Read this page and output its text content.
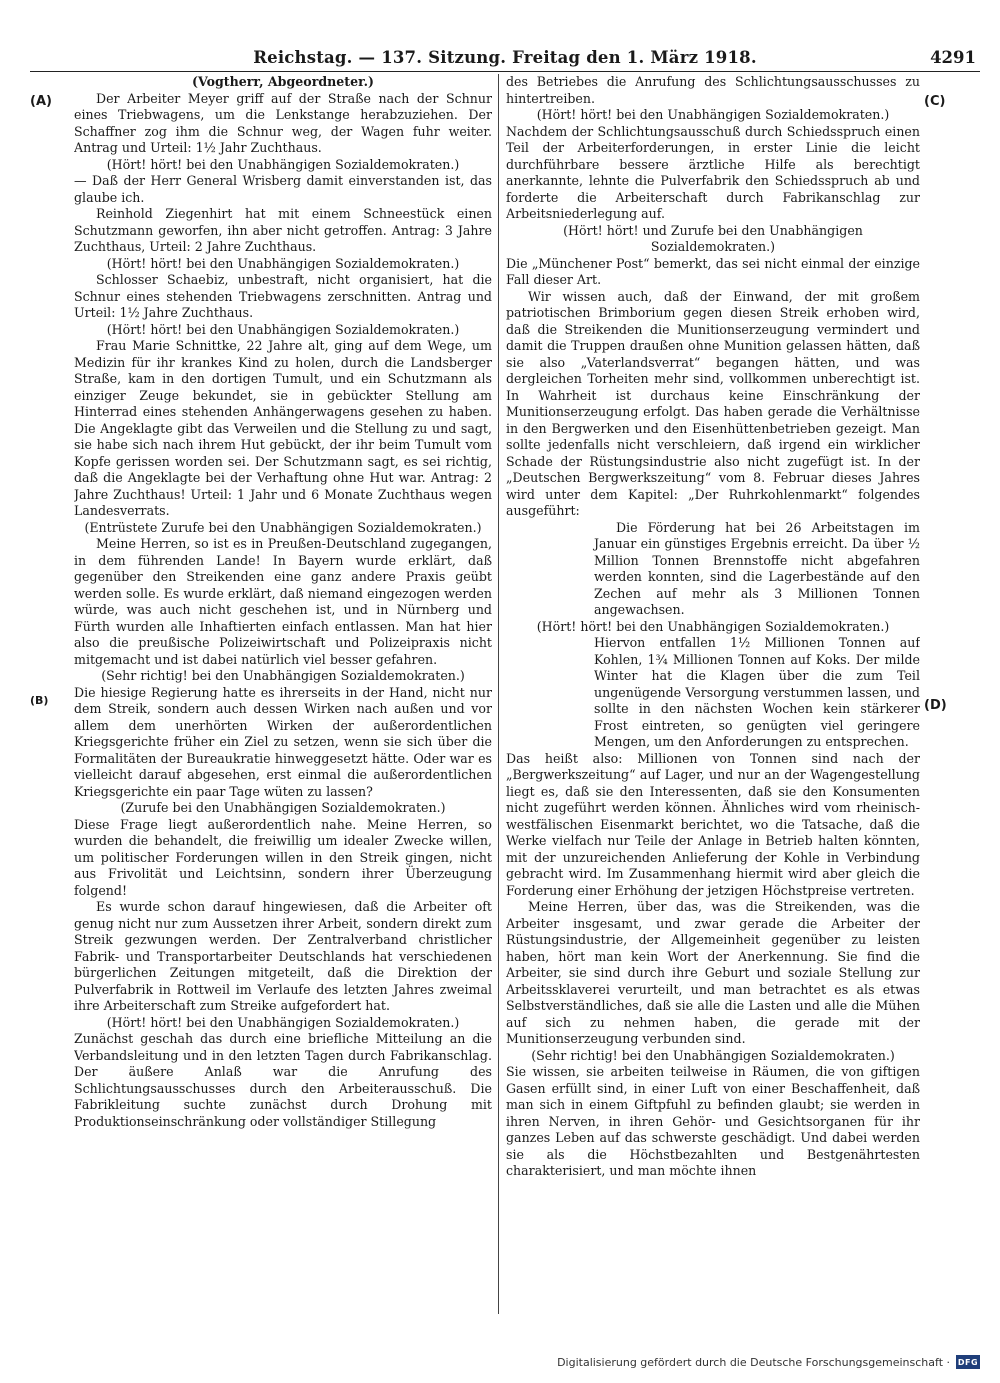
Reichstag. — 137. Sitzung. Freitag den 1. März 1918.	4291
(A)
(B)
(C)
(D)

(Vogtherr, Abgeordneter.)

Der Arbeiter Meyer griff auf der Straße nach der Schnur eines Triebwagens, um die Lenkstange herabzuziehen. Der Schaffner zog ihm die Schnur weg, der Wagen fuhr weiter. Antrag und Urteil: 1½ Jahr Zuchthaus.

(Hört! hört! bei den Unabhängigen Sozialdemokraten.)

— Daß der Herr General Wrisberg damit einverstanden ist, das glaube ich.

Reinhold Ziegenhirt hat mit einem Schneestück einen Schutzmann geworfen, ihn aber nicht getroffen. Antrag: 3 Jahre Zuchthaus, Urteil: 2 Jahre Zuchthaus.

(Hört! hört! bei den Unabhängigen Sozialdemokraten.)

Schlosser Schaebiz, unbestraft, nicht organisiert, hat die Schnur eines stehenden Triebwagens zerschnitten. Antrag und Urteil: 1½ Jahre Zuchthaus.

(Hört! hört! bei den Unabhängigen Sozialdemokraten.)

Frau Marie Schnittke, 22 Jahre alt, ging auf dem Wege, um Medizin für ihr krankes Kind zu holen, durch die Landsberger Straße, kam in den dortigen Tumult, und ein Schutzmann als einziger Zeuge bekundet, sie in gebückter Stellung am Hinterrad eines stehenden Anhängerwagens gesehen zu haben. Die Angeklagte gibt das Verweilen und die Stellung zu und sagt, sie habe sich nach ihrem Hut gebückt, der ihr beim Tumult vom Kopfe gerissen worden sei. Der Schutzmann sagt, es sei richtig, daß die Angeklagte bei der Verhaftung ohne Hut war. Antrag: 2 Jahre Zuchthaus! Urteil: 1 Jahr und 6 Monate Zuchthaus wegen Landesverrats.

(Entrüstete Zurufe bei den Unabhängigen Sozialdemokraten.)

Meine Herren, so ist es in Preußen-Deutschland zugegangen, in dem führenden Lande! In Bayern wurde erklärt, daß gegenüber den Streikenden eine ganz andere Praxis geübt werden solle. Es wurde erklärt, daß niemand eingezogen werden würde, was auch nicht geschehen ist, und in Nürnberg und Fürth wurden alle Inhaftierten einfach entlassen. Man hat hier also die preußische Polizeiwirtschaft und Polizeipraxis nicht mitgemacht und ist dabei natürlich viel besser gefahren.

(Sehr richtig! bei den Unabhängigen Sozialdemokraten.)

Die hiesige Regierung hatte es ihrerseits in der Hand, nicht nur dem Streik, sondern auch dessen Wirken nach außen und vor allem dem unerhörten Wirken der außerordentlichen Kriegsgerichte früher ein Ziel zu setzen, wenn sie sich über die Formalitäten der Bureaukratie hinweggesetzt hätte. Oder war es vielleicht darauf abgesehen, erst einmal die außerordentlichen Kriegsgerichte ein paar Tage wüten zu lassen?

(Zurufe bei den Unabhängigen Sozialdemokraten.)

Diese Frage liegt außerordentlich nahe. Meine Herren, so wurden die behandelt, die freiwillig um idealer Zwecke willen, um politischer Forderungen willen in den Streik gingen, nicht aus Frivolität und Leichtsinn, sondern ihrer Überzeugung folgend!

Es wurde schon darauf hingewiesen, daß die Arbeiter oft genug nicht nur zum Aussetzen ihrer Arbeit, sondern direkt zum Streik gezwungen werden. Der Zentralverband christlicher Fabrik- und Transportarbeiter Deutschlands hat verschiedenen bürgerlichen Zeitungen mitgeteilt, daß die Direktion der Pulverfabrik in Rottweil im Verlaufe des letzten Jahres zweimal ihre Arbeiterschaft zum Streike aufgefordert hat.

(Hört! hört! bei den Unabhängigen Sozialdemokraten.)

Zunächst geschah das durch eine briefliche Mitteilung an die Verbandsleitung und in den letzten Tagen durch Fabrikanschlag. Der äußere Anlaß war die Anrufung des Schlichtungsausschusses durch den Arbeiterausschuß. Die Fabrikleitung suchte zunächst durch Drohung mit Produktionseinschränkung oder vollständiger Stillegung

des Betriebes die Anrufung des Schlichtungsausschusses zu hintertreiben.

(Hört! hört! bei den Unabhängigen Sozialdemokraten.)

Nachdem der Schlichtungsausschuß durch Schiedsspruch einen Teil der Arbeiterforderungen, in erster Linie die leicht durchführbare bessere ärztliche Hilfe als berechtigt anerkannte, lehnte die Pulverfabrik den Schiedsspruch ab und forderte die Arbeiterschaft durch Fabrikanschlag zur Arbeitsniederlegung auf.

(Hört! hört! und Zurufe bei den Unabhängigen Sozialdemokraten.)

Die „Münchener Post“ bemerkt, das sei nicht einmal der einzige Fall dieser Art.

Wir wissen auch, daß der Einwand, der mit großem patriotischen Brimborium gegen diesen Streik erhoben wird, daß die Streikenden die Munitionserzeugung vermindert und damit die Truppen draußen ohne Munition gelassen hätten, daß sie also „Vaterlandsverrat“ begangen hätten, und was dergleichen Torheiten mehr sind, vollkommen unberechtigt ist. In Wahrheit ist durchaus keine Einschränkung der Munitionserzeugung erfolgt. Das haben gerade die Verhältnisse in den Bergwerken und den Eisenhüttenbetrieben gezeigt. Man sollte jedenfalls nicht verschleiern, daß irgend ein wirklicher Schade der Rüstungsindustrie also nicht zugefügt ist. In der „Deutschen Bergwerkszeitung“ vom 8. Februar dieses Jahres wird unter dem Kapitel: „Der Ruhrkohlenmarkt“ folgendes ausgeführt:

Die Förderung hat bei 26 Arbeitstagen im Januar ein günstiges Ergebnis erreicht. Da über ½ Million Tonnen Brennstoffe nicht abgefahren werden konnten, sind die Lagerbestände auf den Zechen auf mehr als 3 Millionen Tonnen angewachsen.

(Hört! hört! bei den Unabhängigen Sozialdemokraten.)

Hiervon entfallen 1½ Millionen Tonnen auf Kohlen, 1¾ Millionen Tonnen auf Koks. Der milde Winter hat die Klagen über die zum Teil ungenügende Versorgung verstummen lassen, und sollte in den nächsten Wochen kein stärkerer Frost eintreten, so genügten viel geringere Mengen, um den Anforderungen zu entsprechen.

Das heißt also: Millionen von Tonnen sind nach der „Bergwerkszeitung“ auf Lager, und nur an der Wagengestellung liegt es, daß sie den Interessenten, daß sie den Konsumenten nicht zugeführt werden können. Ähnliches wird vom rheinisch-westfälischen Eisenmarkt berichtet, wo die Tatsache, daß die Werke vielfach nur Teile der Anlage in Betrieb halten könnten, mit der unzureichenden Anlieferung der Kohle in Verbindung gebracht wird. Im Zusammenhang hiermit wird aber gleich die Forderung einer Erhöhung der jetzigen Höchstpreise vertreten.

Meine Herren, über das, was die Streikenden, was die Arbeiter insgesamt, und zwar gerade die Arbeiter der Rüstungsindustrie, der Allgemeinheit gegenüber zu leisten haben, hört man kein Wort der Anerkennung. Sie find die Arbeiter, sie sind durch ihre Geburt und soziale Stellung zur Arbeitssklaverei verurteilt, und man betrachtet es als etwas Selbstverständliches, daß sie alle die Lasten und alle die Mühen auf sich zu nehmen haben, die gerade mit der Munitionserzeugung verbunden sind.

(Sehr richtig! bei den Unabhängigen Sozialdemokraten.)

Sie wissen, sie arbeiten teilweise in Räumen, die von giftigen Gasen erfüllt sind, in einer Luft von einer Beschaffenheit, daß man sich in einem Giftpfuhl zu befinden glaubt; sie werden in ihren Nerven, in ihren Gehör- und Gesichtsorganen für ihr ganzes Leben auf das schwerste geschädigt. Und dabei werden sie als die Höchstbezahlten und Bestgenährtesten charakterisiert, und man möchte ihnen

Digitalisierung gefördert durch die Deutsche Forschungsgemeinschaft · DFG
